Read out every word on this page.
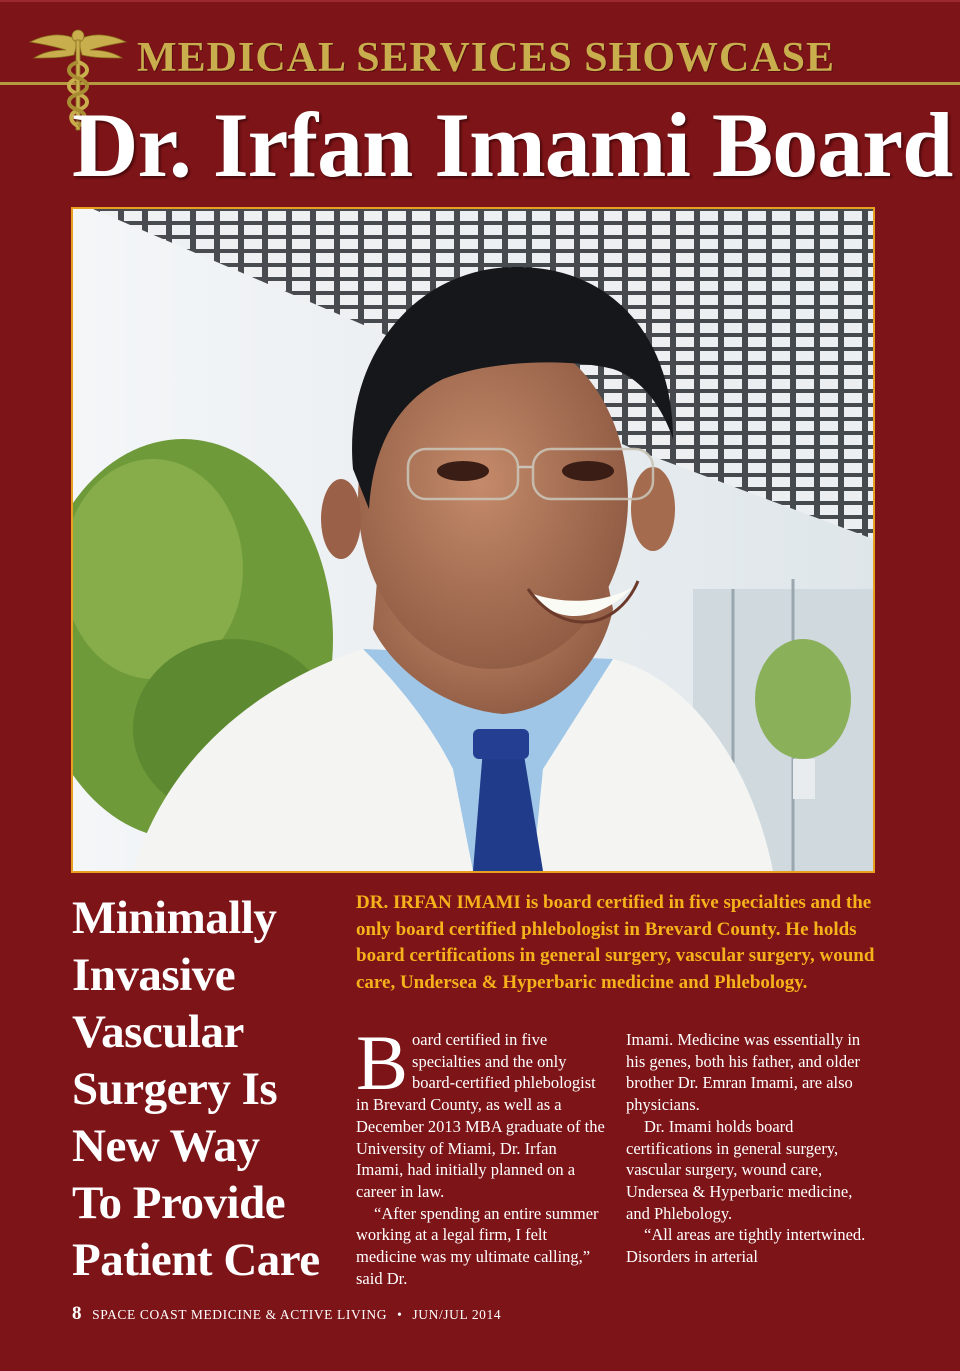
MEDICAL SERVICES SHOWCASE
Dr. Irfan Imami Board
Minimally
Invasive
Vascular
Surgery Is
New Way
To Provide
Patient Care
DR. IRFAN IMAMI is board certified in five specialties and the only board certified phlebologist in Brevard County. He holds board certifications in general surgery, vascular surgery, wound care, Undersea & Hyperbaric medicine and Phlebology.

Board certified in five specialties and the only board-certified phlebologist in Brevard County, as well as a December 2013 MBA graduate of the University of Miami, Dr. Irfan Imami, had initially planned on a career in law.

“After spending an entire summer working at a legal firm, I felt medicine was my ultimate calling,” said Dr.

Imami. Medicine was essentially in his genes, both his father, and older brother Dr. Emran Imami, are also physicians.

Dr. Imami holds board certifications in general surgery, vascular surgery, wound care, Undersea & Hyperbaric medicine, and Phlebology.

“All areas are tightly intertwined. Disorders in arterial

8 SPACE COAST MEDICINE & ACTIVE LIVING • JUN/JUL 2014
